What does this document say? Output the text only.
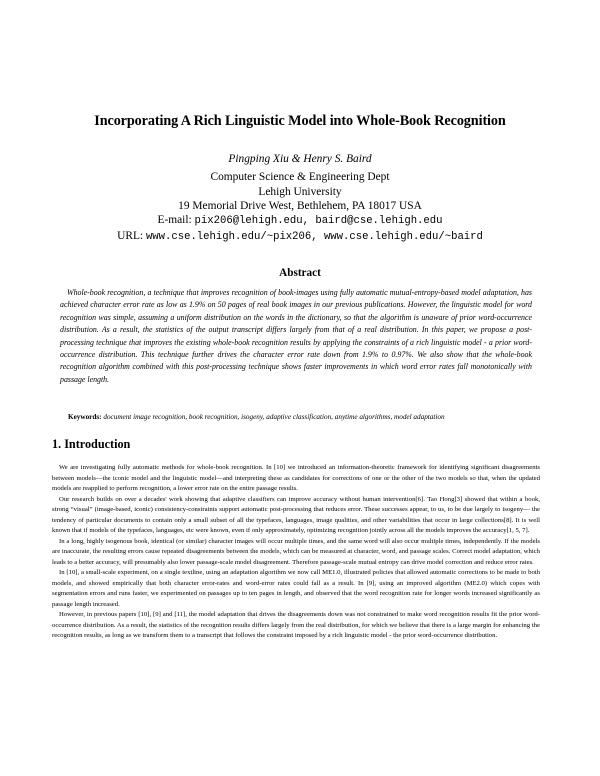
Incorporating A Rich Linguistic Model into Whole-Book Recognition
Pingping Xiu & Henry S. Baird
Computer Science & Engineering Dept
Lehigh University
19 Memorial Drive West, Bethlehem, PA 18017 USA
E-mail: pix206@lehigh.edu, baird@cse.lehigh.edu
URL: www.cse.lehigh.edu/~pix206, www.cse.lehigh.edu/~baird
Abstract
Whole-book recognition, a technique that improves recognition of book-images using fully automatic mutual-entropy-based model adaptation, has achieved character error rate as low as 1.9% on 50 pages of real book images in our previous publications. However, the linguistic model for word recognition was simple, assuming a uniform distribution on the words in the dictionary, so that the algorithm is unaware of prior word-occurrence distribution. As a result, the statistics of the output transcript differs largely from that of a real distribution. In this paper, we propose a post-processing technique that improves the existing whole-book recognition results by applying the constraints of a rich linguistic model - a prior word-occurrence distribution. This technique further drives the character error rate down from 1.9% to 0.97%. We also show that the whole-book recognition algorithm combined with this post-processing technique shows faster improvements in which word error rates fall monotonically with passage length.
Keywords: document image recognition, book recognition, isogeny, adaptive classification, anytime algorithms, model adaptation
1. Introduction

We are investigating fully automatic methods for whole-book recognition. In [10] we introduced an information-theoretic framework for identifying significant disagreements between models—the iconic model and the linguistic model—and interpreting these as candidates for corrections of one or the other of the two models so that, when the updated models are reapplied to perform recognition, a lower error rate on the entire passage results.

Our research builds on over a decades' work showing that adaptive classifiers can improve accuracy without human intervention[6]. Tao Hong[3] showed that within a book, strong “visual” (image-based, iconic) consistency-constraints support automatic post-processing that reduces error. These successes appear, to us, to be due largely to isogeny— the tendency of particular documents to contain only a small subset of all the typefaces, languages, image qualities, and other variabilities that occur in large collections[8]. It is well known that if models of the typefaces, languages, etc were known, even if only approximately, optimizing recognition jointly across all the models improves the accuracy[1, 5, 7].

In a long, highly isogenous book, identical (or similar) character images will occur multiple times, and the same word will also occur multiple times, independently. If the models are inaccurate, the resulting errors cause repeated disagreements between the models, which can be measured at character, word, and passage scales. Correct model adaptation, which leads to a better accuracy, will presumably also lower passage-scale model disagreement. Therefore passage-scale mutual entropy can drive model correction and reduce error rates.

In [10], a small-scale experiment, on a single textline, using an adaptation algorithm we now call ME1.0, illustrated policies that allowed automatic corrections to be made to both models, and showed empirically that both character error-rates and word-error rates could fall as a result. In [9], using an improved algorithm (ME2.0) which copes with segmentation errors and runs faster, we experimented on passages up to ten pages in length, and observed that the word recognition rate for longer words increased significantly as passage length increased.

However, in previous papers [10], [9] and [11], the model adaptation that drives the disagreements down was not constrained to make word recognition results fit the prior word-occurrence distribution. As a result, the statistics of the recognition results differs largely from the real distribution, for which we believe that there is a large margin for enhancing the recognition results, as long as we transform them to a transcript that follows the constraint imposed by a rich linguistic model - the prior word-occurrence distribution.
